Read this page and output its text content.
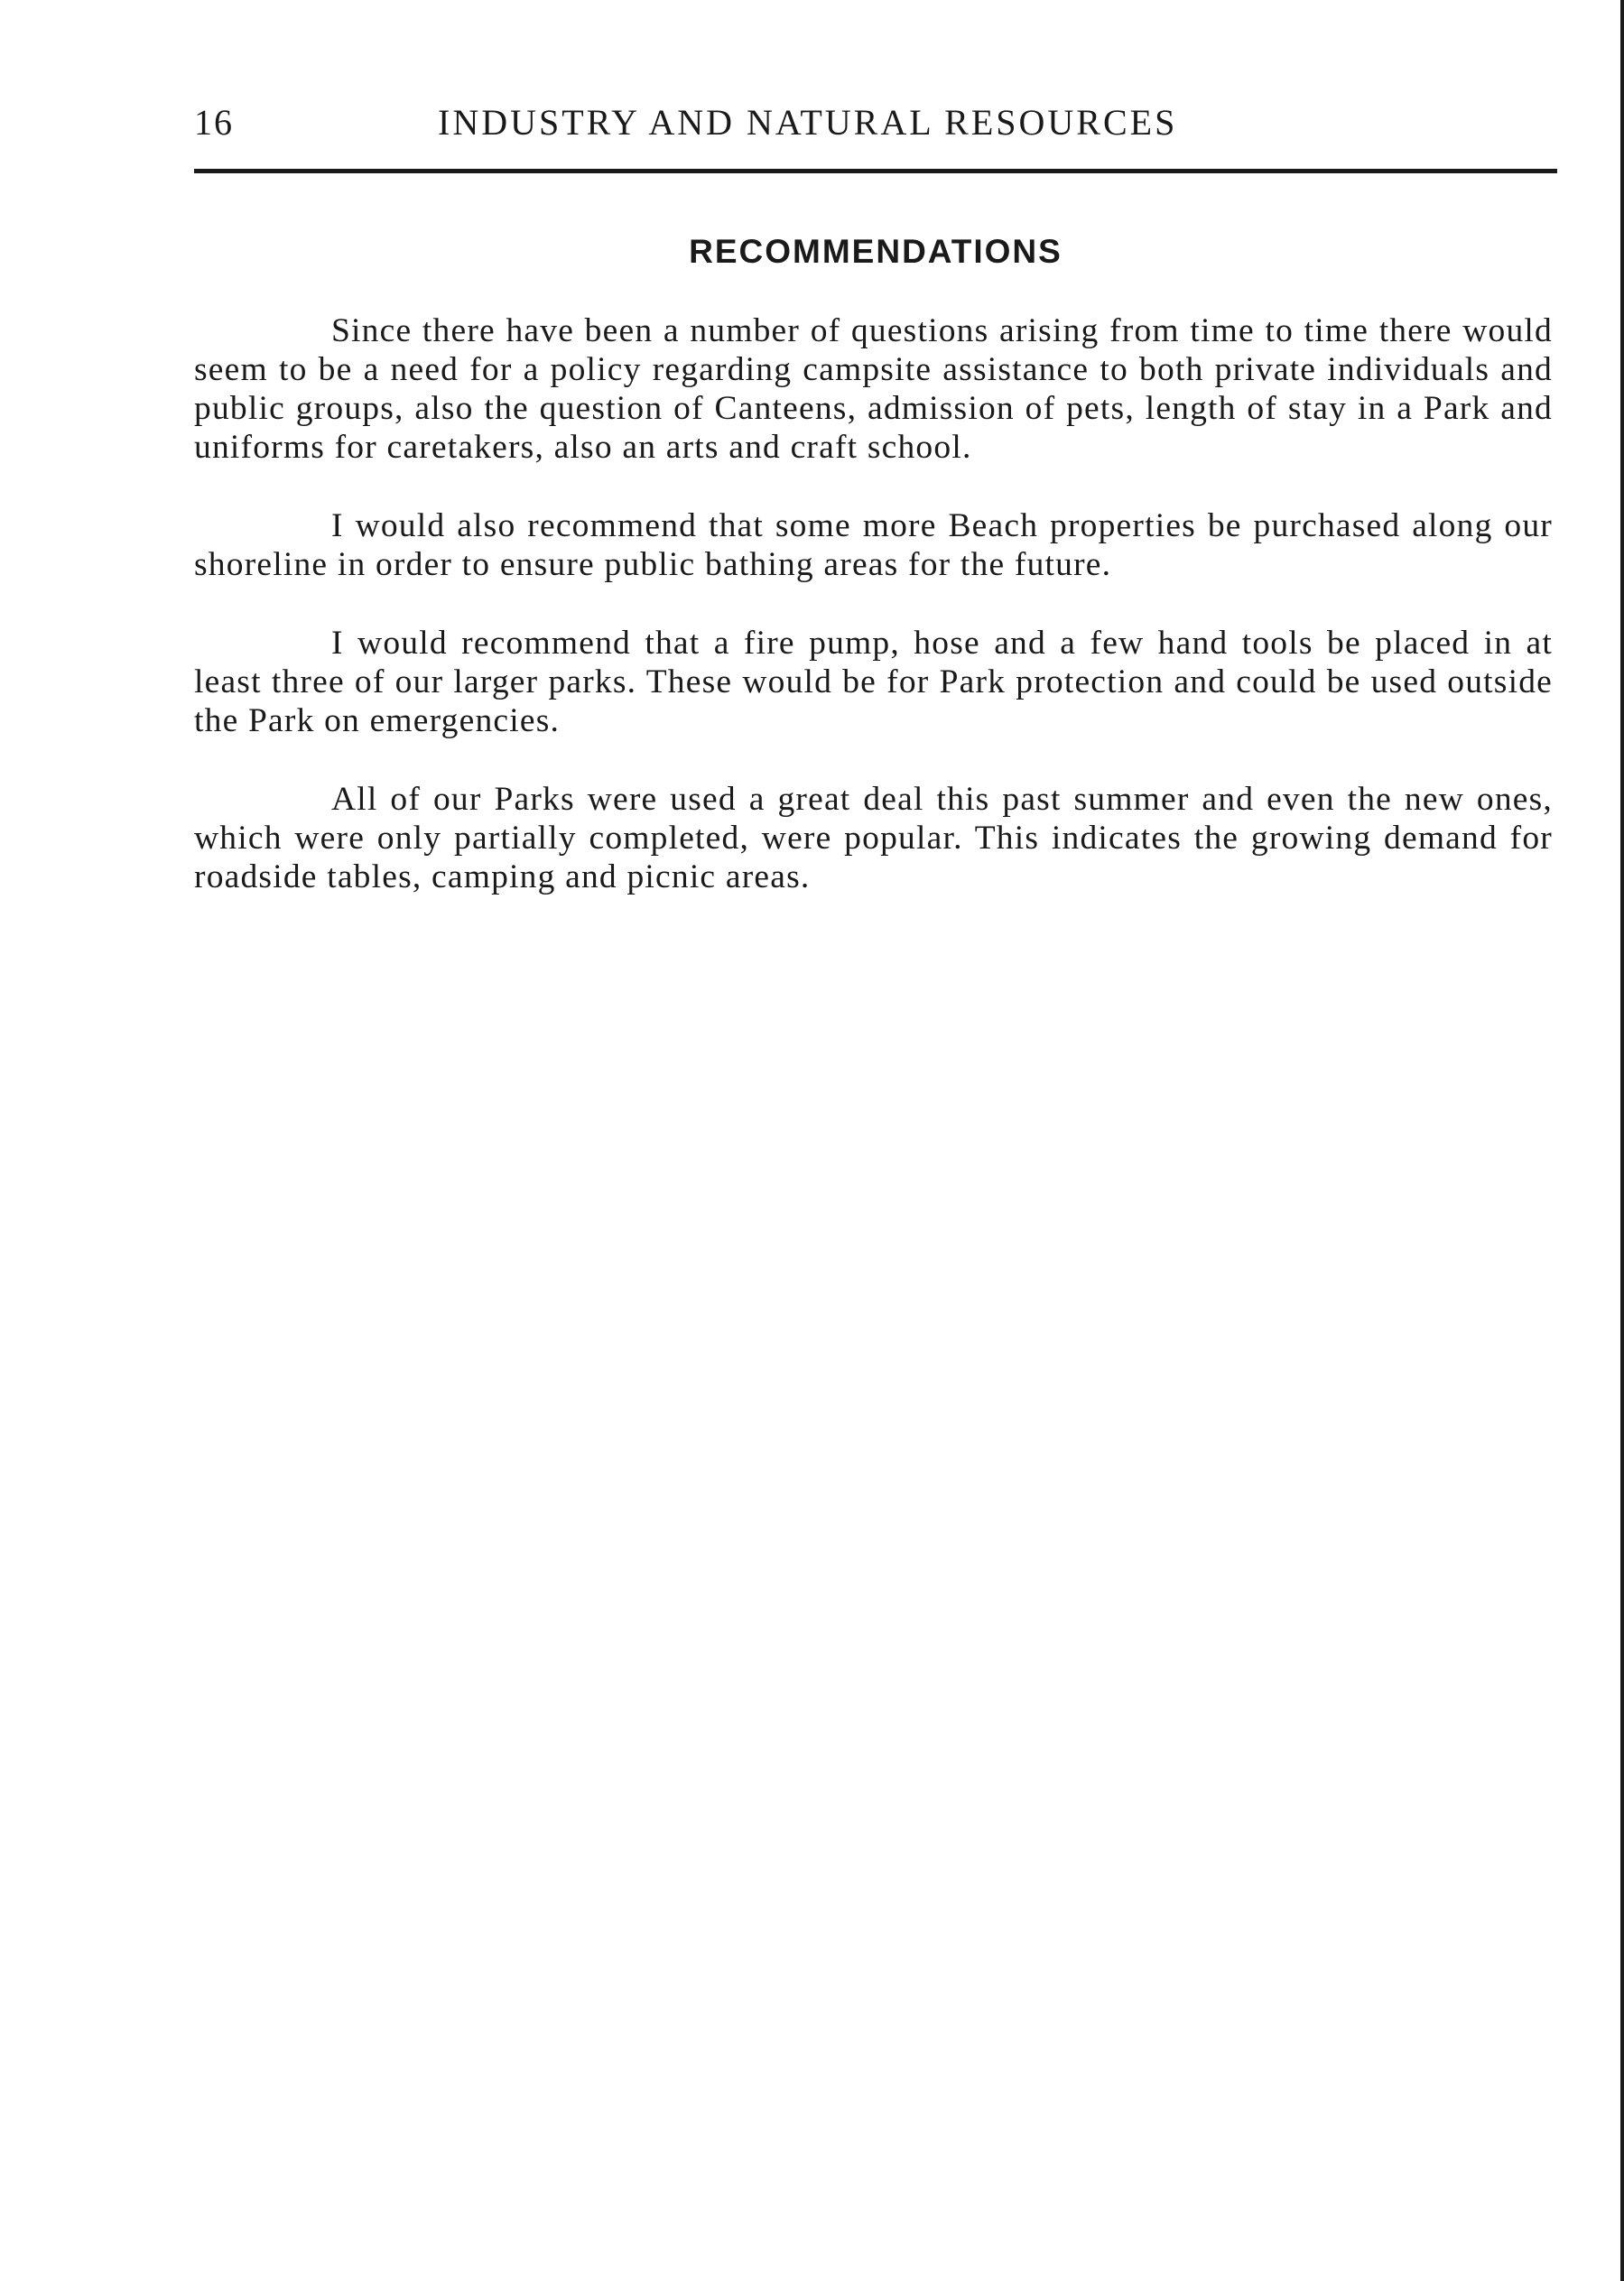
16	INDUSTRY AND NATURAL RESOURCES
RECOMMENDATIONS

Since there have been a number of questions arising from time to time there would seem to be a need for a policy regarding campsite assistance to both private individuals and public groups, also the question of Canteens, admission of pets, length of stay in a Park and uniforms for caretakers, also an arts and craft school.

I would also recommend that some more Beach properties be purchased along our shoreline in order to ensure public bathing areas for the future.

I would recommend that a fire pump, hose and a few hand tools be placed in at least three of our larger parks. These would be for Park protection and could be used outside the Park on emergencies.

All of our Parks were used a great deal this past summer and even the new ones, which were only partially completed, were popular. This indicates the growing demand for roadside tables, camping and picnic areas.
